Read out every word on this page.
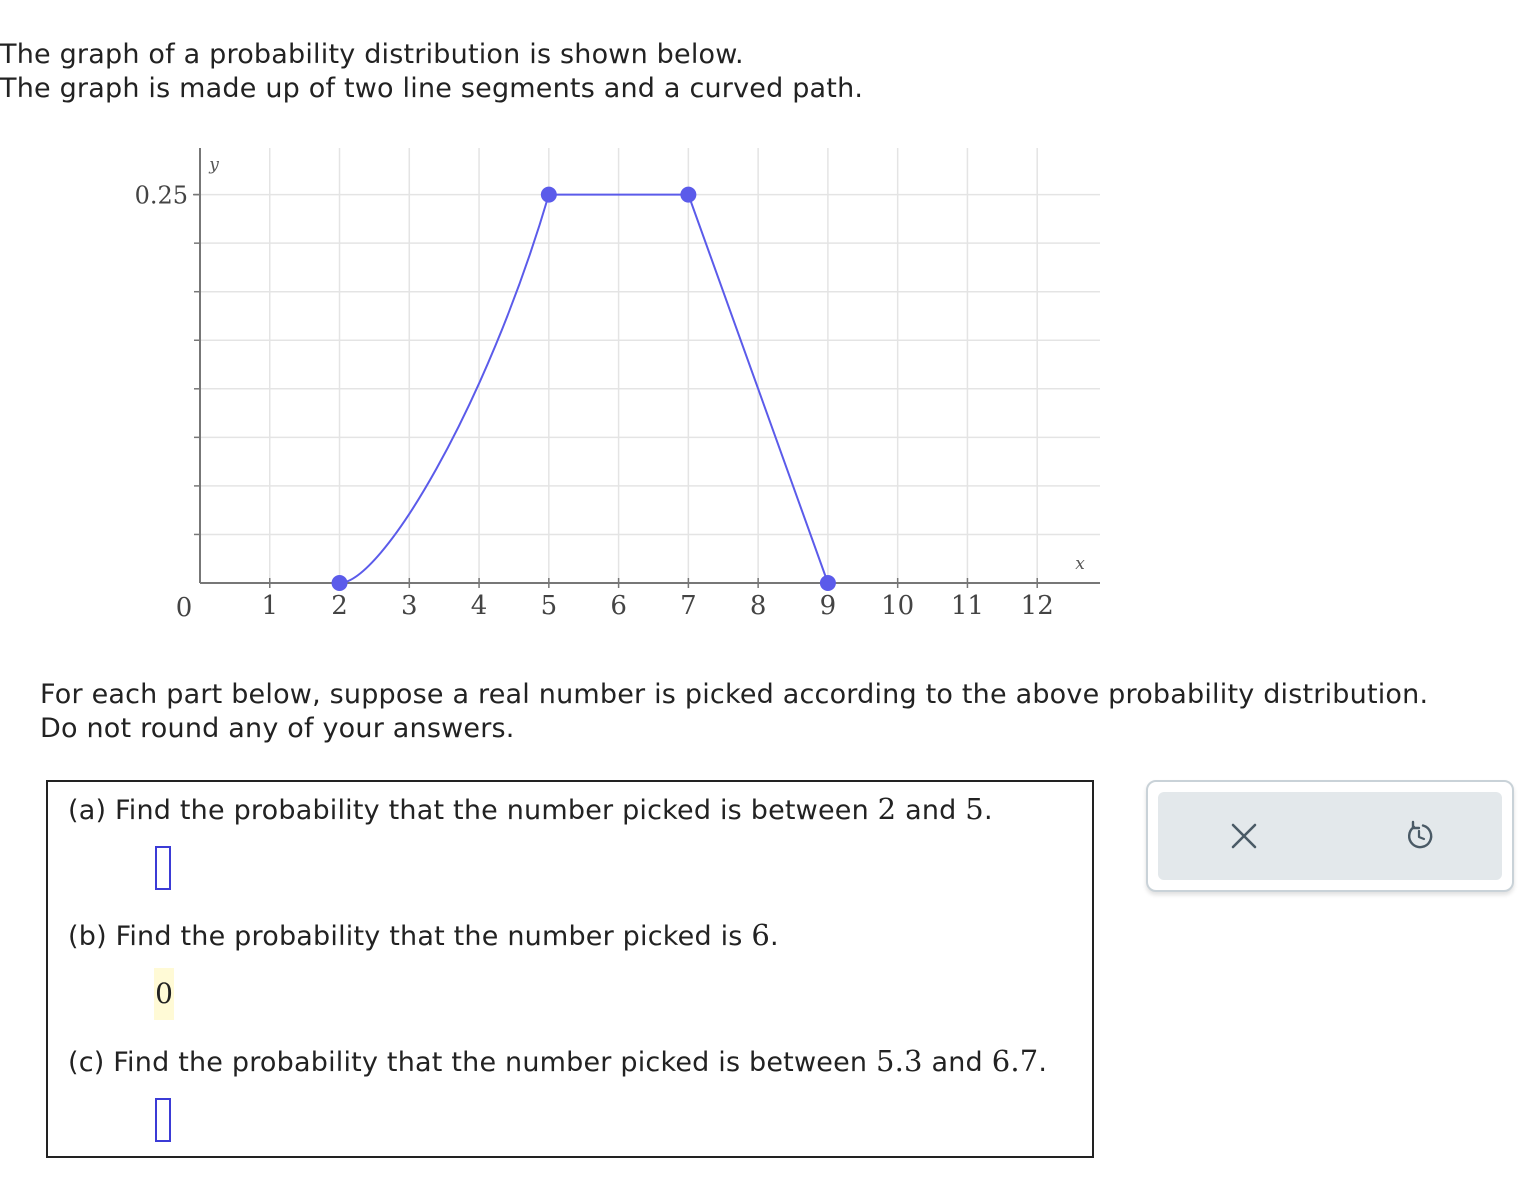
The graph of a probability distribution is shown below.
The graph is made up of two line segments and a curved path.
1 2 3 4 5 6 7 8 9 10 11 12
0
0.25
y
x
For each part below, suppose a real number is picked according to the above probability distribution.
Do not round any of your answers.
(a) Find the probability that the number picked is between 2 and 5.
(b) Find the probability that the number picked is 6.
0
(c) Find the probability that the number picked is between 5.3 and 6.7.
